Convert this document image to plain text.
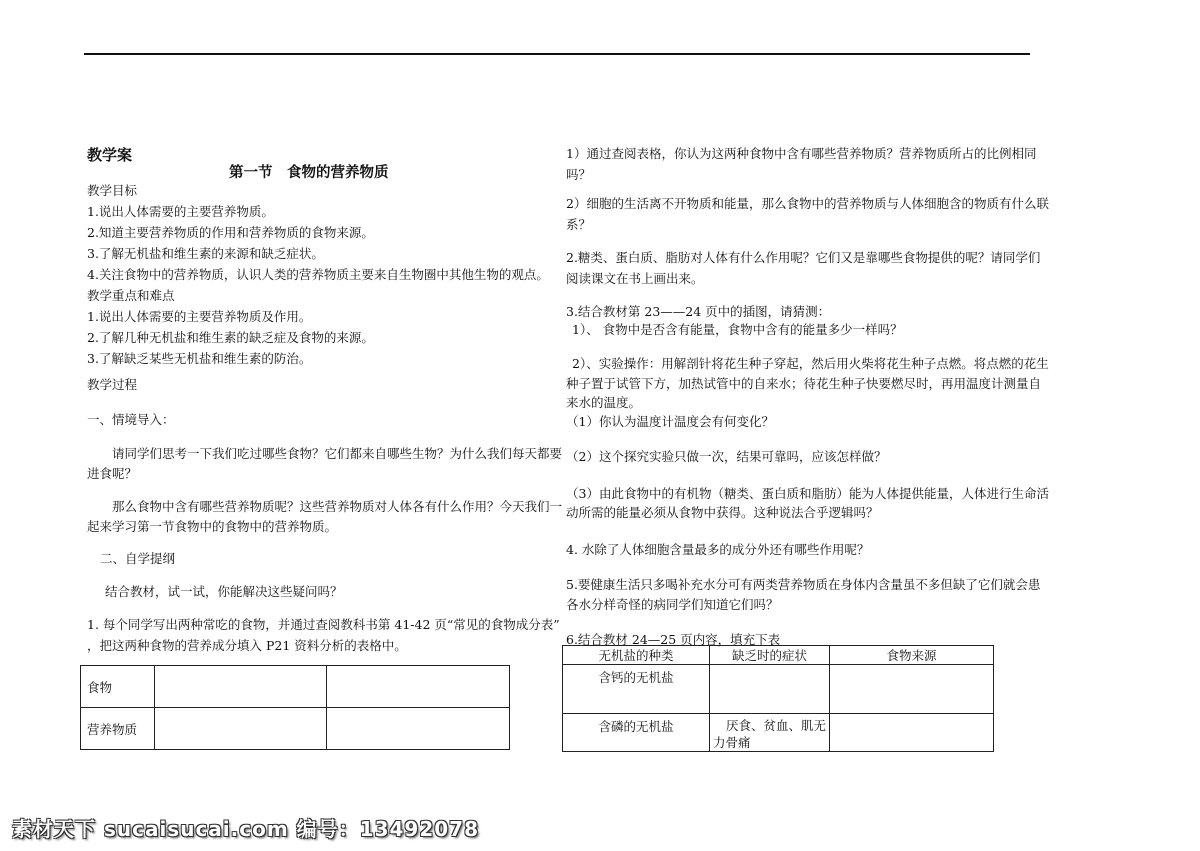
教学案
第一节　食物的营养物质
教学目标
1.说出人体需要的主要营养物质。
2.知道主要营养物质的作用和营养物质的食物来源。
3.了解无机盐和维生素的来源和缺乏症状。
4.关注食物中的营养物质，认识人类的营养物质主要来自生物圈中其他生物的观点。
教学重点和难点
1.说出人体需要的主要营养物质及作用。
2.了解几种无机盐和维生素的缺乏症及食物的来源。
3.了解缺乏某些无机盐和维生素的防治。
教学过程
一、情境导入：
请同学们思考一下我们吃过哪些食物？它们都来自哪些生物？为什么我们每天都要
进食呢？
那么食物中含有哪些营养物质呢？这些营养物质对人体各有什么作用？今天我们一
起来学习第一节食物中的食物中的营养物质。
二、自学提纲
结合教材，试一试，你能解决这些疑问吗？
1. 每个同学写出两种常吃的食物，并通过查阅教科书第 41-42 页“常见的食物成分表”
，把这两种食物的营养成分填入 P21 资料分析的表格中。
食物		
营养物质		
1）通过查阅表格，你认为这两种食物中含有哪些营养物质？营养物质所占的比例相同
吗？
2）细胞的生活离不开物质和能量，那么食物中的营养物质与人体细胞含的物质有什么联
系？
2.糖类、蛋白质、脂肪对人体有什么作用呢？它们又是靠哪些食物提供的呢？请同学们
阅读课文在书上画出来。
3.结合教材第 23——24 页中的插图，请猜测：
1）、 食物中是否含有能量，食物中含有的能量多少一样吗？
2）、实验操作：用解剖针将花生种子穿起，然后用火柴将花生种子点燃。将点燃的花生
种子置于试管下方，加热试管中的自来水；待花生种子快要燃尽时，再用温度计测量自
来水的温度。
（1）你认为温度计温度会有何变化？
（2）这个探究实验只做一次，结果可靠吗，应该怎样做？
（3）由此食物中的有机物（糖类、蛋白质和脂肪）能为人体提供能量，人体进行生命活
动所需的能量必须从食物中获得。这种说法合乎逻辑吗？
4. 水除了人体细胞含量最多的成分外还有哪些作用呢？
5.要健康生活只多喝补充水分可有两类营养物质在身体内含量虽不多但缺了它们就会患
各水分样奇怪的病同学们知道它们吗？
6.结合教材 24—25 页内容，填充下表
无机盐的种类	缺乏时的症状	食物来源
含钙的无机盐		
含磷的无机盐	厌食、贫血、肌无
力骨痛	

素材天下 sucaisucai.com 编号：13492078
